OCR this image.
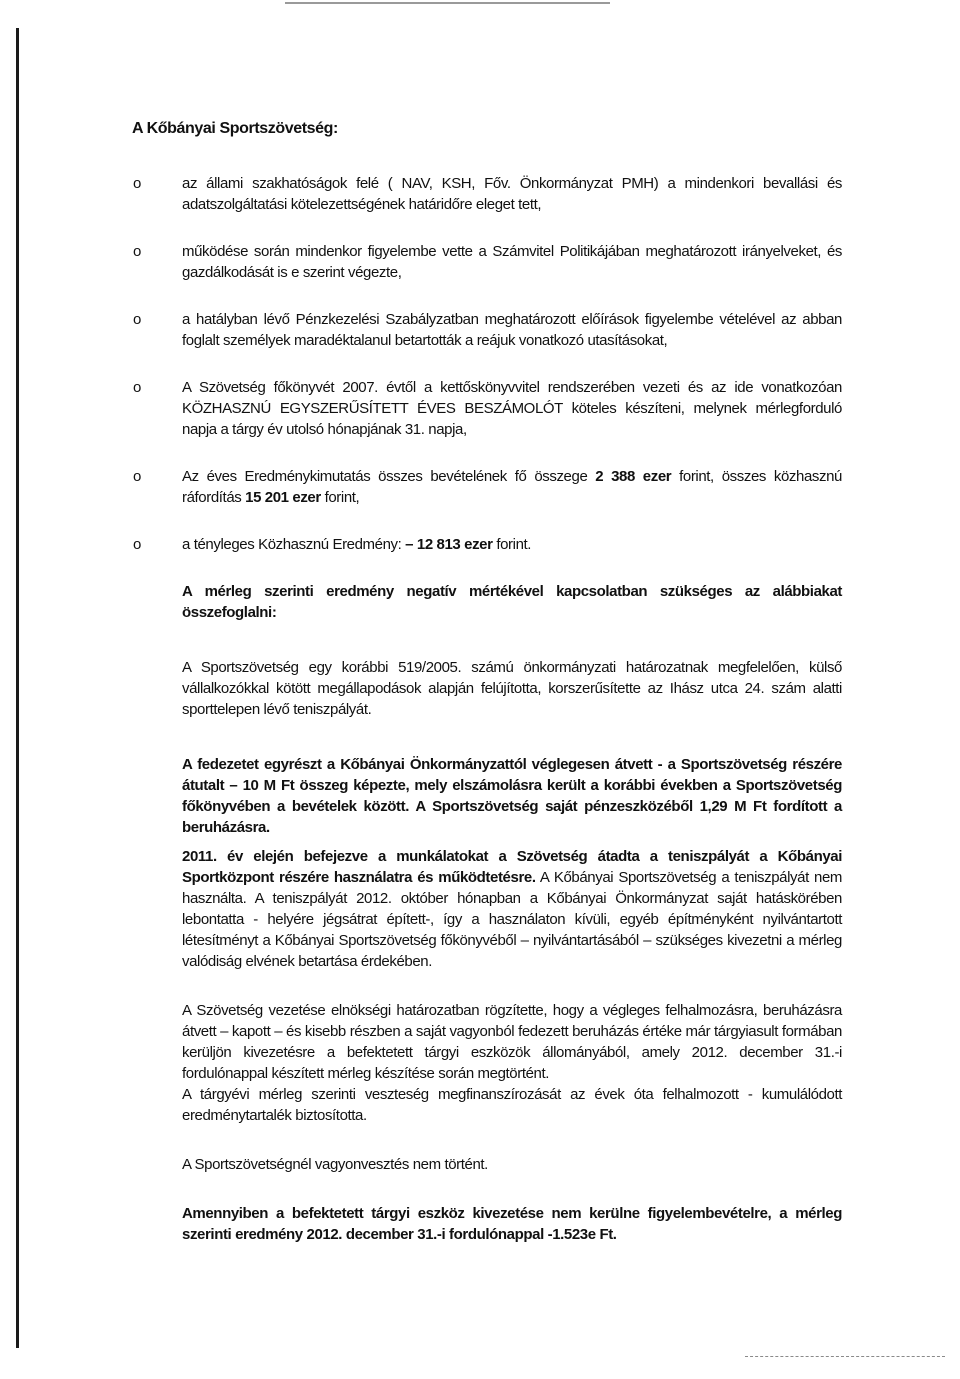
A Kőbányai Sportszövetség:
o	az állami szakhatóságok felé ( NAV, KSH, Főv. Önkormányzat PMH) a mindenkori bevallási és adatszolgáltatási kötelezettségének határidőre eleget tett,
o	működése során mindenkor figyelembe vette a Számvitel Politikájában meghatározott irányelveket, és gazdálkodását is e szerint végezte,
o	a hatályban lévő Pénzkezelési Szabályzatban meghatározott előírások figyelembe vételével az abban foglalt személyek maradéktalanul betartották a reájuk vonatkozó utasításokat,
o	A Szövetség főkönyvét 2007. évtől a kettőskönyvvitel rendszerében vezeti és az ide vonatkozóan KÖZHASZNÚ EGYSZERŰSÍTETT ÉVES BESZÁMOLÓT köteles készíteni, melynek mérlegforduló napja a tárgy év utolsó hónapjának 31. napja,
o	Az éves Eredménykimutatás összes bevételének fő összege 2 388 ezer forint, összes közhasznú ráfordítás 15 201 ezer forint,
o	a tényleges Közhasznú Eredmény: – 12 813 ezer forint.

A mérleg szerinti eredmény negatív mértékével kapcsolatban szükséges az alábbiakat összefoglalni:

A Sportszövetség egy korábbi 519/2005. számú önkormányzati határozatnak megfelelően, külső vállalkozókkal kötött megállapodások alapján felújította, korszerűsítette az Ihász utca 24. szám alatti sporttelepen lévő teniszpályát.

A fedezetet egyrészt a Kőbányai Önkormányzattól véglegesen átvett - a Sportszövetség részére átutalt – 10 M Ft összeg képezte, mely elszámolásra került a korábbi években a Sportszövetség főkönyvében a bevételek között. A Sportszövetség saját pénzeszközéből 1,29 M Ft fordított a beruházásra.

2011. év elején befejezve a munkálatokat a Szövetség átadta a teniszpályát a Kőbányai Sportközpont részére használatra és működtetésre. A Kőbányai Sportszövetség a teniszpályát nem használta. A teniszpályát 2012. október hónapban a Kőbányai Önkormányzat saját hatáskörében lebontatta - helyére jégsátrat épített-, így a használaton kívüli, egyéb építményként nyilvántartott létesítményt a Kőbányai Sportszövetség főkönyvéből – nyilvántartásából – szükséges kivezetni a mérleg valódiság elvének betartása érdekében.

A Szövetség vezetése elnökségi határozatban rögzítette, hogy a végleges felhalmozásra, beruházásra átvett – kapott – és kisebb részben a saját vagyonból fedezett beruházás értéke már tárgyiasult formában kerüljön kivezetésre a befektetett tárgyi eszközök állományából, amely 2012. december 31.-i fordulónappal készített mérleg készítése során megtörtént.

A tárgyévi mérleg szerinti veszteség megfinanszírozását az évek óta felhalmozott - kumulálódott eredménytartalék biztosította.

A Sportszövetségnél vagyonvesztés nem történt.

Amennyiben a befektetett tárgyi eszköz kivezetése nem kerülne figyelembevételre, a mérleg szerinti eredmény 2012. december 31.-i fordulónappal -1.523e Ft.
